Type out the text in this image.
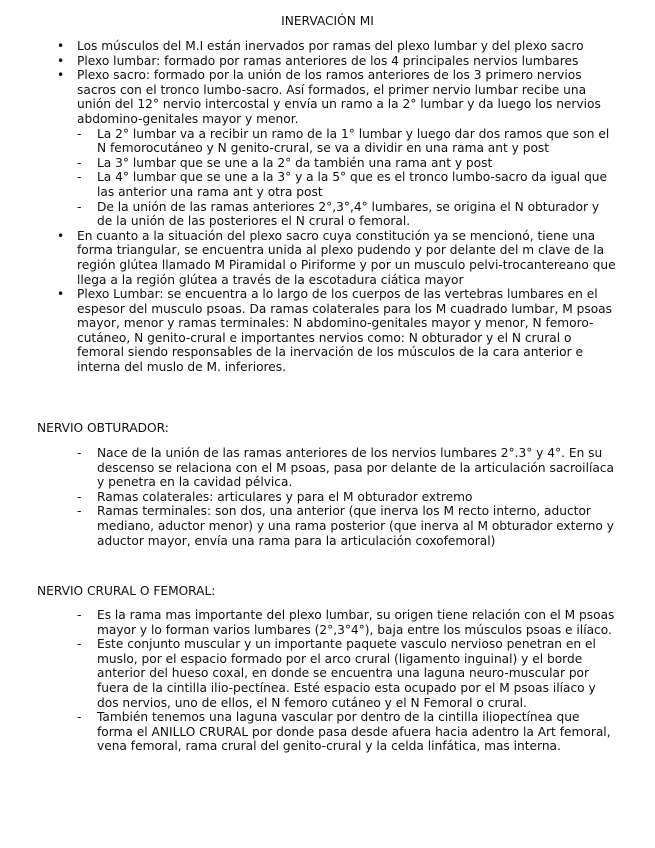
INERVACIÓN MI
• Los músculos del M.I están inervados por ramas del plexo lumbar y del plexo sacro
• Plexo lumbar: formado por ramas anteriores de los 4 principales nervios lumbares
• Plexo sacro: formado por la unión de los ramos anteriores de los 3 primero nervios sacros con el tronco lumbo-sacro. Así formados, el primer nervio lumbar recibe una unión del 12° nervio intercostal y envía un ramo a la 2° lumbar y da luego los nervios abdomino-genitales mayor y menor.
- La 2° lumbar va a recibir un ramo de la 1° lumbar y luego dar dos ramos que son el N femorocutáneo y N genito-crural, se va a dividir en una rama ant y post
- La 3° lumbar que se une a la 2° da también una rama ant y post
- La 4° lumbar que se une a la 3° y a la 5° que es el tronco lumbo-sacro da igual que las anterior una rama ant y otra post
- De la unión de las ramas anteriores 2°,3°,4° lumbares, se origina el N obturador y de la unión de las posteriores el N crural o femoral.
• En cuanto a la situación del plexo sacro cuya constitución ya se mencionó, tiene una forma triangular, se encuentra unida al plexo pudendo y por delante del m clave de la región glútea llamado M Piramidal o Piriforme y por un musculo pelvi-trocantereano que llega a la región glútea a través de la escotadura ciática mayor
• Plexo Lumbar: se encuentra a lo largo de los cuerpos de las vertebras lumbares en el espesor del musculo psoas. Da ramas colaterales para los M cuadrado lumbar, M psoas mayor, menor y ramas terminales: N abdomino-genitales mayor y menor, N femoro-cutáneo, N genito-crural e importantes nervios como: N obturador y el N crural o femoral siendo responsables de la inervación de los músculos de la cara anterior e interna del muslo de M. inferiores.
NERVIO OBTURADOR:
- Nace de la unión de las ramas anteriores de los nervios lumbares 2°.3° y 4°. En su descenso se relaciona con el M psoas, pasa por delante de la articulación sacroilíaca y penetra en la cavidad pélvica.
- Ramas colaterales: articulares y para el M obturador extremo
- Ramas terminales: son dos, una anterior (que inerva los M recto interno, aductor mediano, aductor menor) y una rama posterior (que inerva al M obturador externo y aductor mayor, envía una rama para la articulación coxofemoral)
NERVIO CRURAL O FEMORAL:
- Es la rama mas importante del plexo lumbar, su origen tiene relación con el M psoas mayor y lo forman varios lumbares (2°,3°4°), baja entre los músculos psoas e ilíaco.
- Este conjunto muscular y un importante paquete vasculo nervioso penetran en el muslo, por el espacio formado por el arco crural (ligamento inguinal) y el borde anterior del hueso coxal, en donde se encuentra una laguna neuro-muscular por fuera de la cintilla ilio-pectínea. Esté espacio esta ocupado por el M psoas ilíaco y dos nervios, uno de ellos, el N femoro cutáneo y el N Femoral o crural.
- También tenemos una laguna vascular por dentro de la cintilla iliopectínea que forma el ANILLO CRURAL por donde pasa desde afuera hacia adentro la Art femoral, vena femoral, rama crural del genito-crural y la celda linfática, mas interna.
